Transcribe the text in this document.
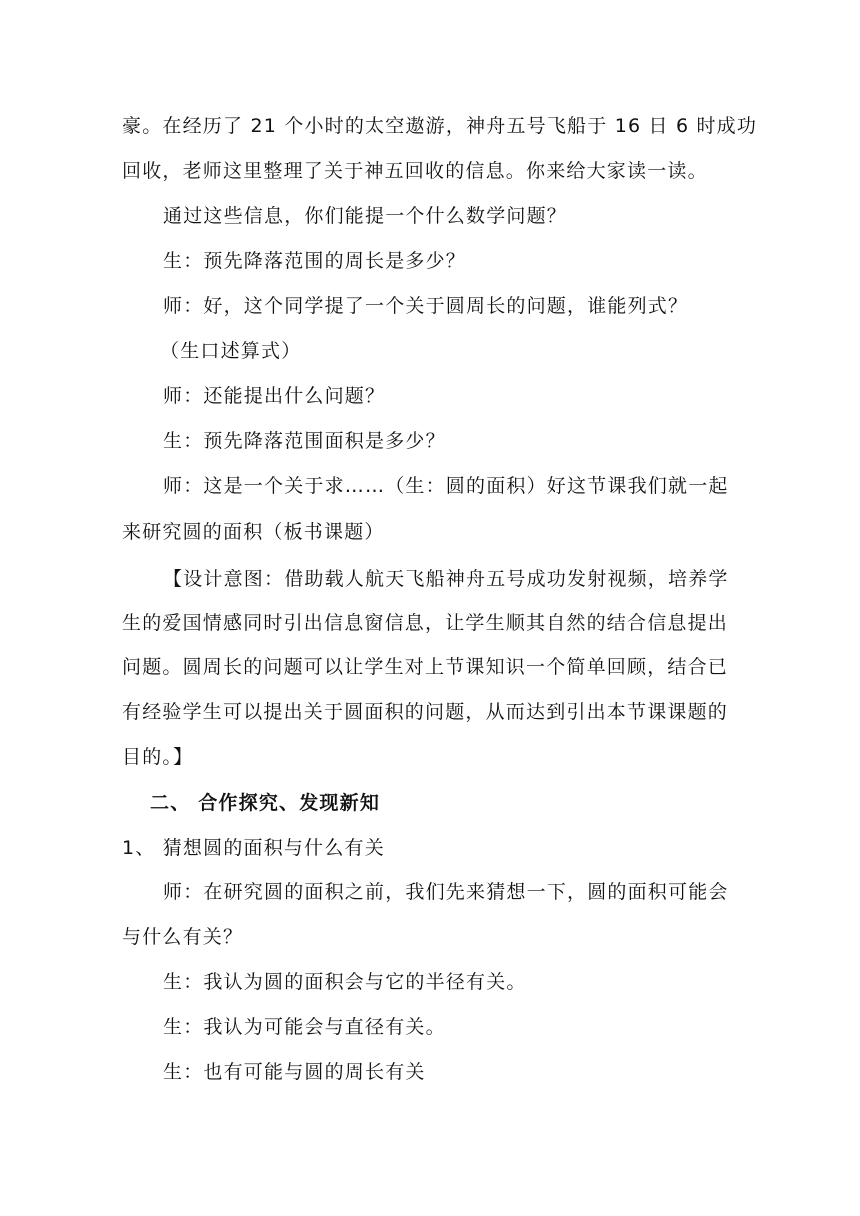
豪。在经历了 21 个小时的太空遨游，神舟五号飞船于 16 日 6 时成功
回收，老师这里整理了关于神五回收的信息。你来给大家读一读。
通过这些信息，你们能提一个什么数学问题？
生：预先降落范围的周长是多少？
师：好，这个同学提了一个关于圆周长的问题，谁能列式？
（生口述算式）
师：还能提出什么问题？
生：预先降落范围面积是多少？
师：这是一个关于求……（生：圆的面积）好这节课我们就一起
来研究圆的面积（板书课题）
【设计意图：借助载人航天飞船神舟五号成功发射视频，培养学
生的爱国情感同时引出信息窗信息，让学生顺其自然的结合信息提出
问题。圆周长的问题可以让学生对上节课知识一个简单回顾，结合已
有经验学生可以提出关于圆面积的问题，从而达到引出本节课课题的
目的。】
二、 合作探究、发现新知
1、 猜想圆的面积与什么有关
师：在研究圆的面积之前，我们先来猜想一下，圆的面积可能会
与什么有关？
生：我认为圆的面积会与它的半径有关。
生：我认为可能会与直径有关。
生：也有可能与圆的周长有关
